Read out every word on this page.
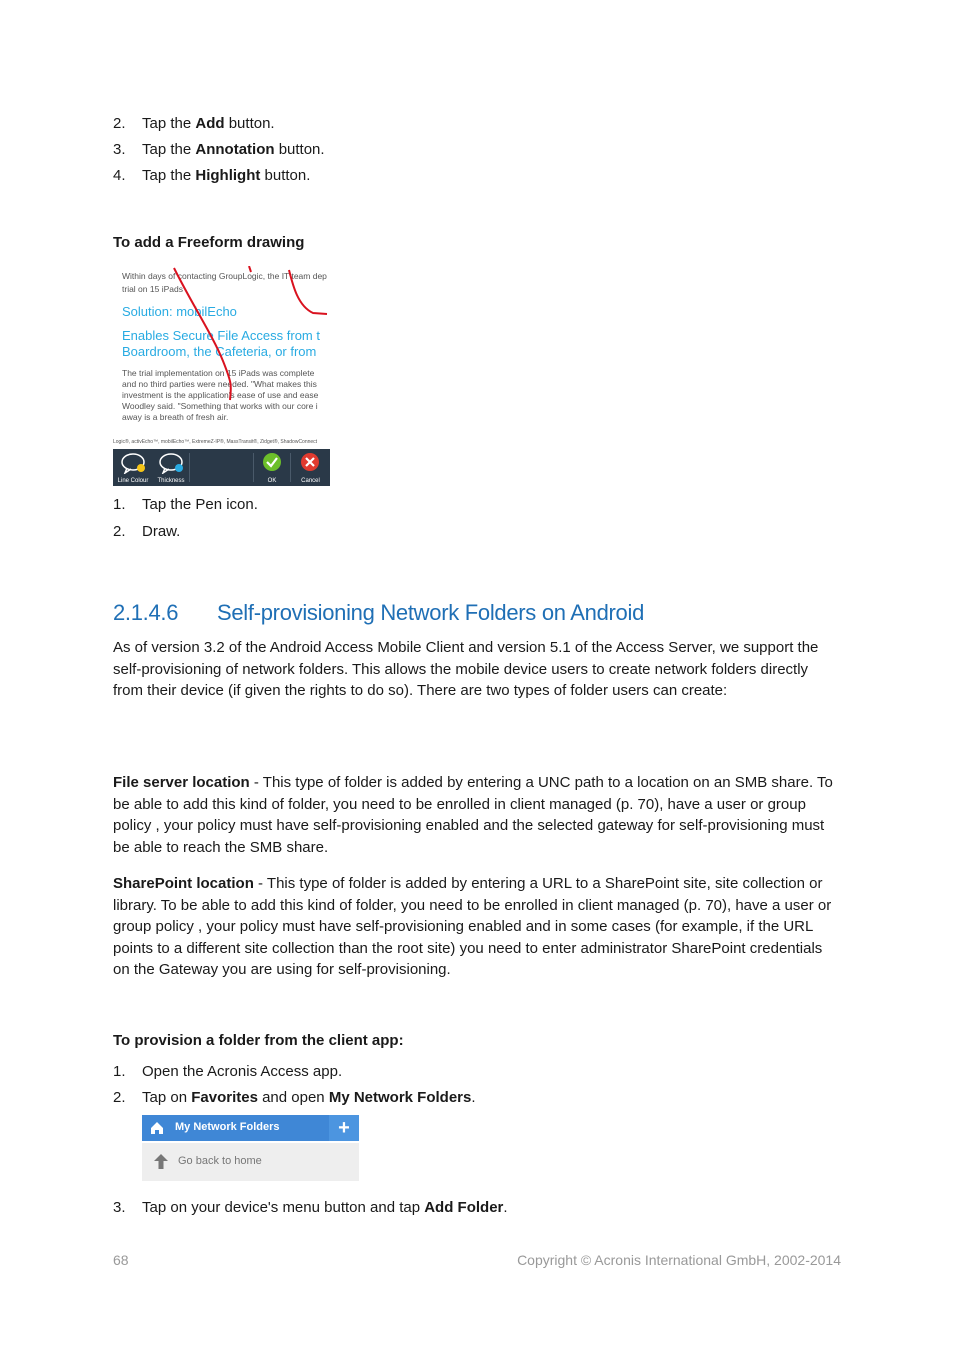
2. Tap the Add button.
3. Tap the Annotation button.
4. Tap the Highlight button.
To add a Freeform drawing
Within days of contacting GroupLogic, the IT team dep
trial on 15 iPads
Solution: mobilEcho
Enables Secure File Access from t
Boardroom, the Cafeteria, or from
The trial implementation on 15 iPads was complete
and no third parties were needed. "What makes this
investment is the application's ease of use and ease
Woodley said. "Something that works with our core i
away is a breath of fresh air.
Logic®, activEcho™, mobilEcho™, ExtremeZ-IP®, MassTransit®, Zidget®, ShadowConnect
Line Colour	Thickness	OK	Cancel
1. Tap the Pen icon.
2. Draw.
2.1.4.6 Self-provisioning Network Folders on Android
As of version 3.2 of the Android Access Mobile Client and version 5.1 of the Access Server, we support the self-provisioning of network folders. This allows the mobile device users to create network folders directly from their device (if given the rights to do so). There are two types of folder users can create:
File server location - This type of folder is added by entering a UNC path to a location on an SMB share. To be able to add this kind of folder, you need to be enrolled in client managed (p. 70), have a user or group policy , your policy must have self-provisioning enabled and the selected gateway for self-provisioning must be able to reach the SMB share.
SharePoint location - This type of folder is added by entering a URL to a SharePoint site, site collection or library. To be able to add this kind of folder, you need to be enrolled in client managed (p. 70), have a user or group policy , your policy must have self-provisioning enabled and in some cases (for example, if the URL points to a different site collection than the root site) you need to enter administrator SharePoint credentials on the Gateway you are using for self-provisioning.
To provision a folder from the client app:
1. Open the Acronis Access app.
2. Tap on Favorites and open My Network Folders.
My Network Folders	+
Go back to home
3. Tap on your device's menu button and tap Add Folder.
68	Copyright © Acronis International GmbH, 2002-2014
